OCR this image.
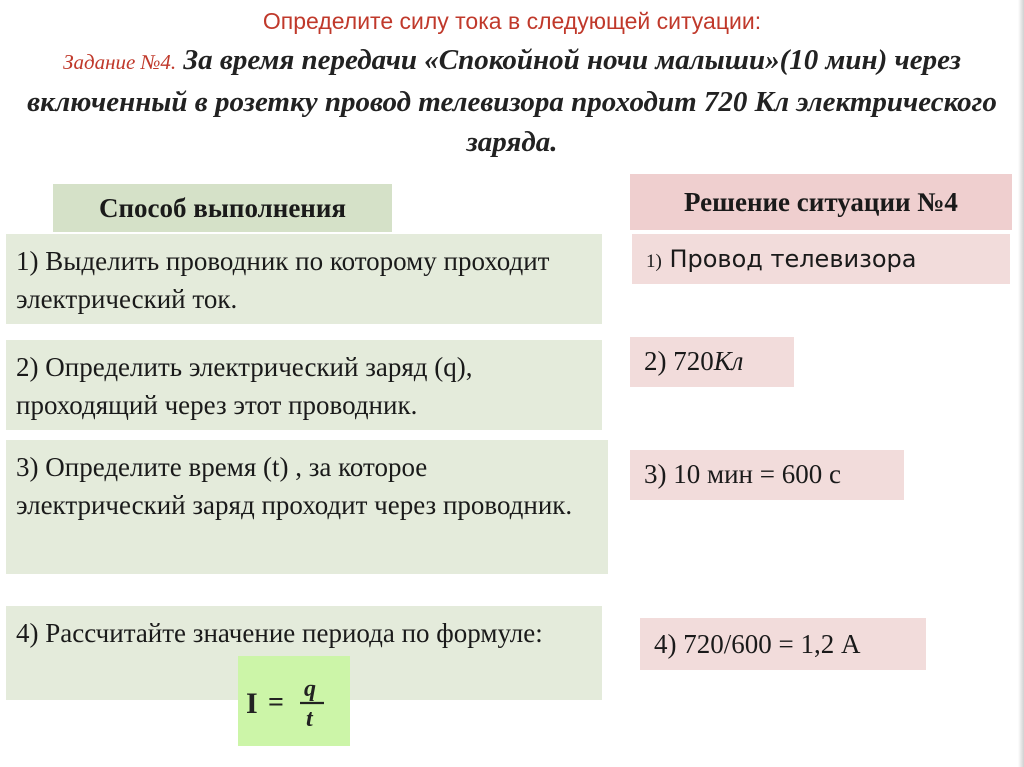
Определите силу тока в следующей ситуации:
Задание №4. За время передачи «Спокойной ночи малыши»(10 мин) через включенный в розетку провод телевизора проходит 720 Кл электрического заряда.
Способ выполнения	Решение ситуации №4
1) Выделить проводник по которому проходит электрический ток.
2) Определить электрический заряд (q), проходящий через этот проводник.
3) Определите время (t) , за которое электрический заряд проходит через проводник.
4) Рассчитайте значение периода по формуле:
1) Провод телевизора
2) 720Кл
3) 10 мин = 600 с
4) 720/600 = 1,2 А
I = q
t
